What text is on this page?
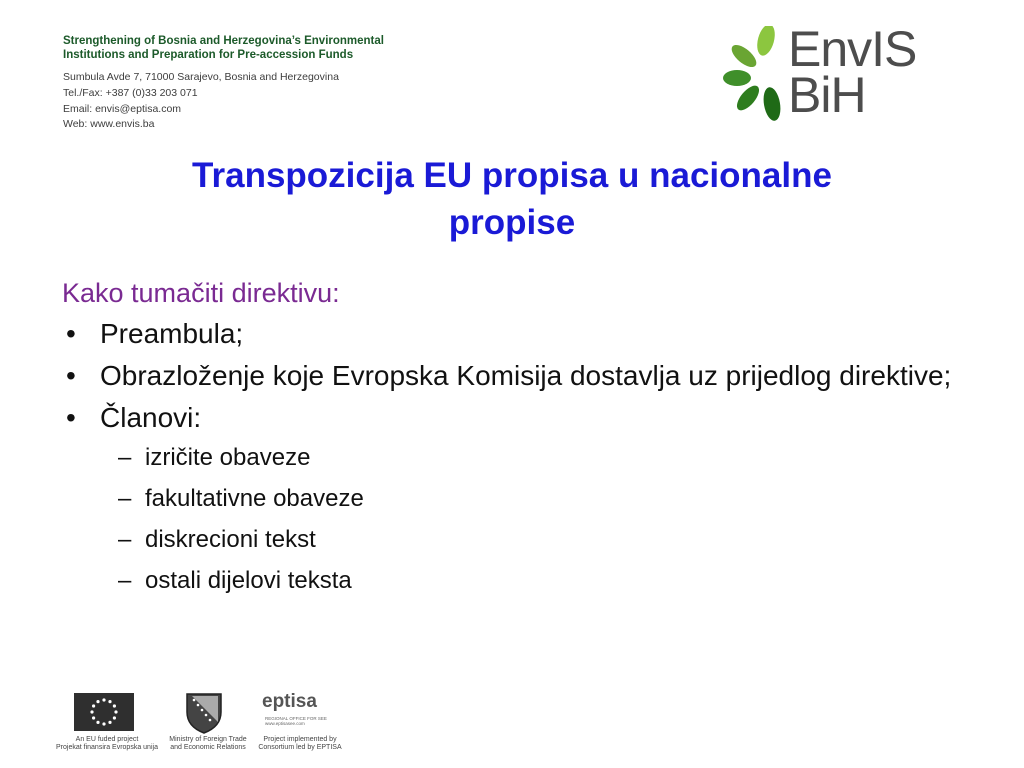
Strengthening of Bosnia and Herzegovina’s Environmental
Institutions and Preparation for Pre-accession Funds
Sumbula Avde 7, 71000 Sarajevo, Bosnia and Herzegovina
Tel./Fax: +387 (0)33 203 071
Email: envis@eptisa.com
Web: www.envis.ba
EnvIS
BiH
Transpozicija EU propisa u nacionalne
propise
Kako tumačiti direktivu:
• Preambula;
• Obrazloženje koje Evropska Komisija dostavlja uz prijedlog direktive;
• Članovi:
– izričite obaveze
– fakultativne obaveze
– diskrecioni tekst
– ostali dijelovi teksta
eptisa
REGIONAL OFFICE FOR SEE
www.eptisasee.com
An EU fuded project
Projekat finansira Evropska unija
Ministry of Foreign Trade
and Economic Relations
Project implemented by
Consortium led by EPTISA
